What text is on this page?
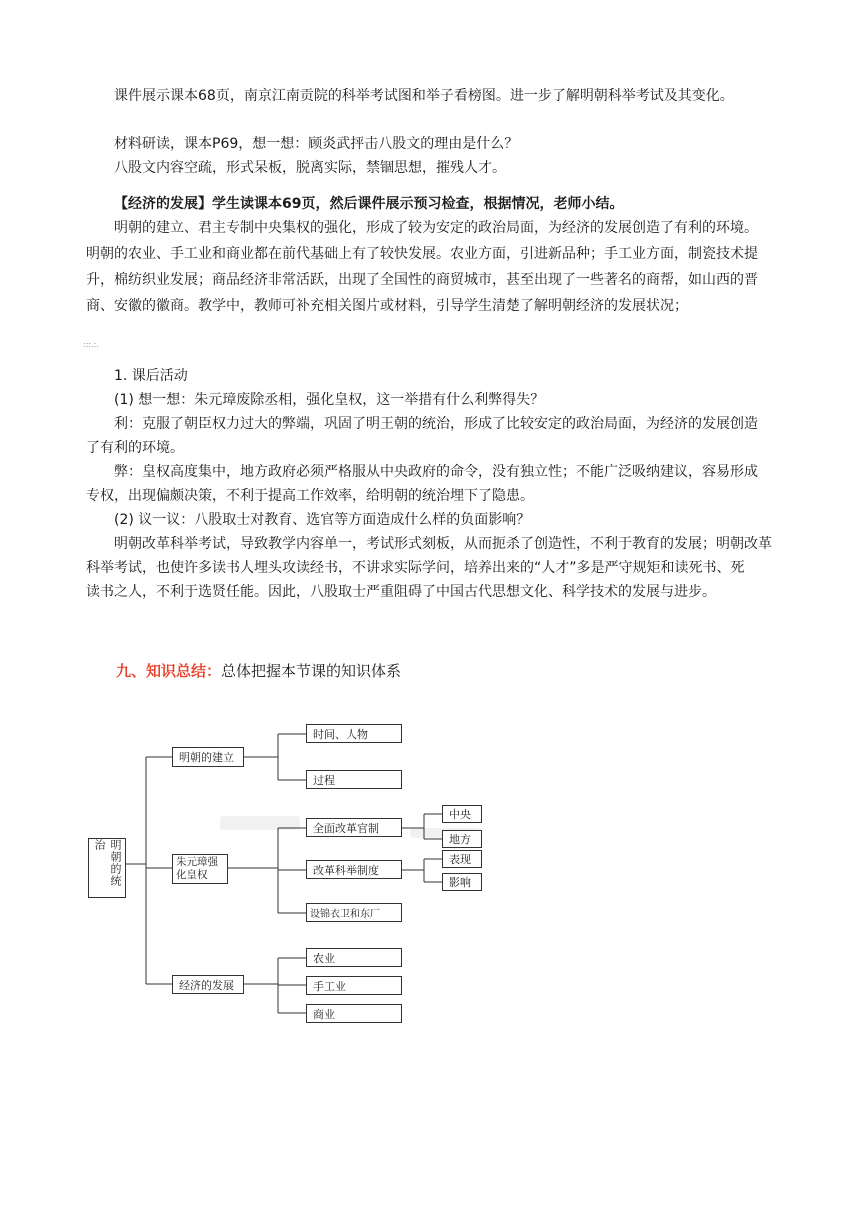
课件展示课本68页，南京江南贡院的科举考试图和举子看榜图。进一步了解明朝科举考试及其变化。
材料研读，课本P69，想一想：顾炎武抨击八股文的理由是什么？
八股文内容空疏，形式呆板，脱离实际，禁锢思想，摧残人才。
【经济的发展】学生读课本69页，然后课件展示预习检查，根据情况，老师小结。
明朝的建立、君主专制中央集权的强化，形成了较为安定的政治局面，为经济的发展创造了有利的环境。
明朝的农业、手工业和商业都在前代基础上有了较快发展。农业方面，引进新品种；手工业方面，制瓷技术提
升，棉纺织业发展；商品经济非常活跃，出现了全国性的商贸城市，甚至出现了一些著名的商帮，如山西的晋
商、安徽的徽商。教学中，教师可补充相关图片或材料，引导学生清楚了解明朝经济的发展状况；
:::.:.
1. 课后活动
(1) 想一想：朱元璋废除丞相，强化皇权，这一举措有什么利弊得失？
利：克服了朝臣权力过大的弊端，巩固了明王朝的统治，形成了比较安定的政治局面，为经济的发展创造
了有利的环境。
弊：皇权高度集中，地方政府必须严格服从中央政府的命令，没有独立性；不能广泛吸纳建议，容易形成
专权，出现偏颇决策，不利于提高工作效率，给明朝的统治埋下了隐患。
(2) 议一议：八股取士对教育、选官等方面造成什么样的负面影响？
明朝改革科举考试，导致教学内容单一，考试形式刻板，从而扼杀了创造性，不利于教育的发展；明朝改革
科举考试，也使许多读书人埋头攻读经书，不讲求实际学问，培养出来的“人才”多是严守规矩和读死书、死
读书之人，不利于选贤任能。因此，八股取士严重阻碍了中国古代思想文化、科学技术的发展与进步。
九、知识总结：总体把握本节课的知识体系
明朝的统治
明朝的建立
时间、人物
过程
朱元璋强化皇权
全面改革官制
中央
地方
改革科举制度
表现
影响
设锦衣卫和东厂
经济的发展
农业
手工业
商业
